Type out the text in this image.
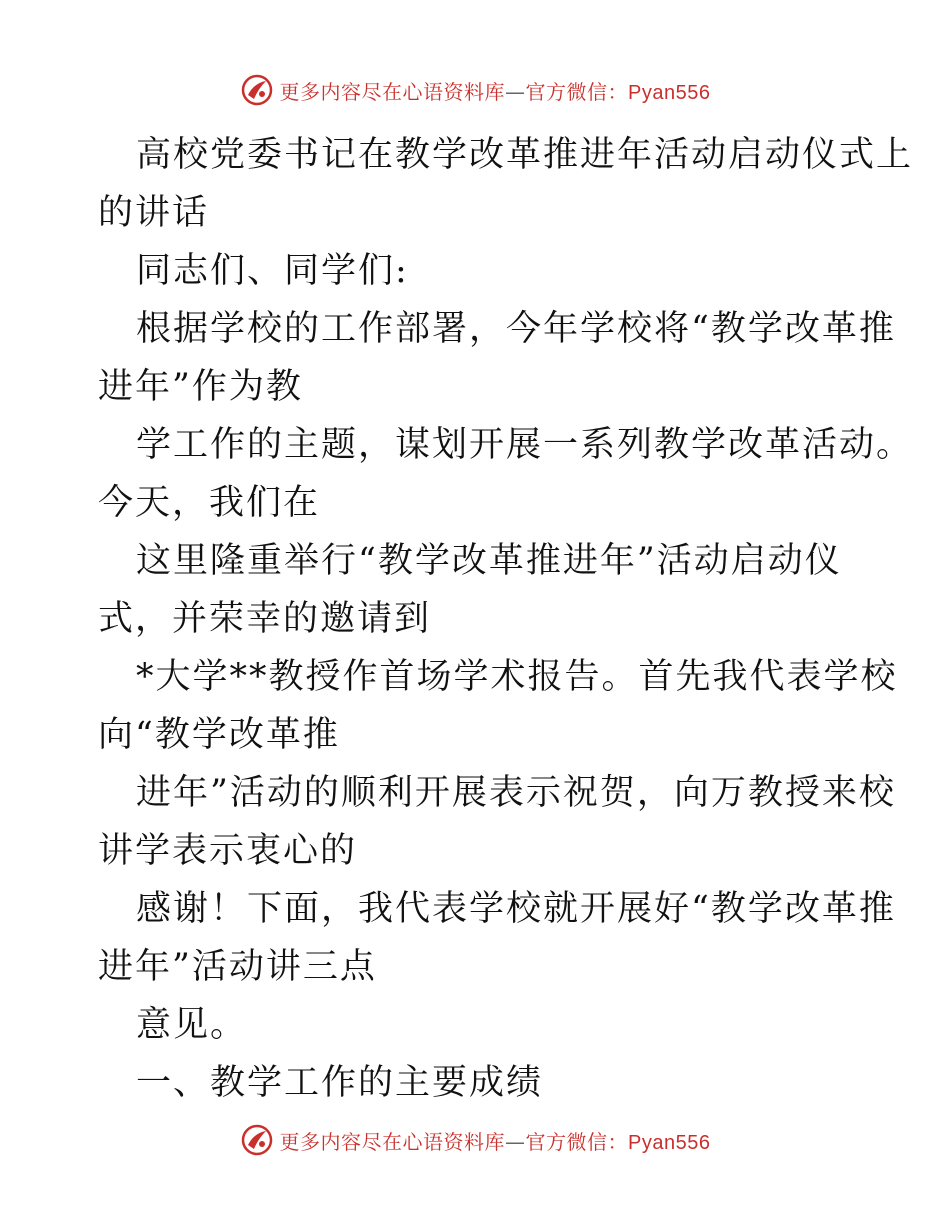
更多内容尽在心语资料库—官方微信：Pyan556
高校党委书记在教学改革推进年活动启动仪式上
的讲话
同志们、同学们:
根据学校的工作部署，今年学校将“教学改革推
进年”作为教
学工作的主题，谋划开展一系列教学改革活动。
今天，我们在
这里隆重举行“教学改革推进年”活动启动仪
式，并荣幸的邀请到
*大学**教授作首场学术报告。首先我代表学校
向“教学改革推
进年”活动的顺利开展表示祝贺，向万教授来校
讲学表示衷心的
感谢！下面，我代表学校就开展好“教学改革推
进年”活动讲三点
意见。
一、教学工作的主要成绩
更多内容尽在心语资料库—官方微信：Pyan556
